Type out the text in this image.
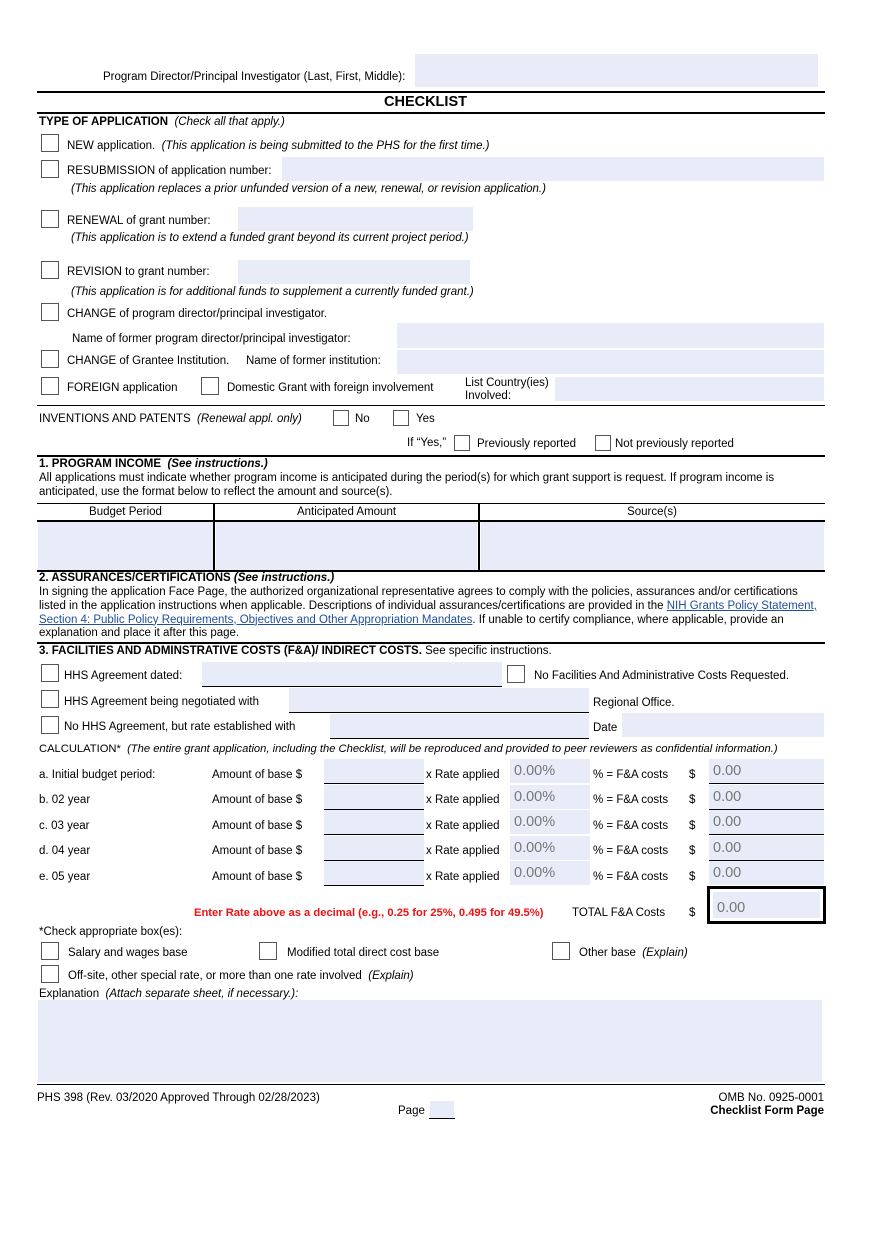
Program Director/Principal Investigator (Last, First, Middle):
CHECKLIST
TYPE OF APPLICATION (Check all that apply.)
NEW application. (This application is being submitted to the PHS for the first time.)
RESUBMISSION of application number:
(This application replaces a prior unfunded version of a new, renewal, or revision application.)
RENEWAL of grant number:
(This application is to extend a funded grant beyond its current project period.)
REVISION to grant number:
(This application is for additional funds to supplement a currently funded grant.)
CHANGE of program director/principal investigator.
Name of former program director/principal investigator:
CHANGE of Grantee Institution. Name of former institution:
FOREIGN application	Domestic Grant with foreign involvement	List Country(ies)
Involved:
INVENTIONS AND PATENTS (Renewal appl. only)	No	Yes
If “Yes,”	Previously reported	Not previously reported
1. PROGRAM INCOME (See instructions.)
All applications must indicate whether program income is anticipated during the period(s) for which grant support is request. If program income is anticipated, use the format below to reflect the amount and source(s).
Budget Period	Anticipated Amount	Source(s)
2. ASSURANCES/CERTIFICATIONS (See instructions.)
In signing the application Face Page, the authorized organizational representative agrees to comply with the policies, assurances and/or certifications listed in the application instructions when applicable. Descriptions of individual assurances/certifications are provided in the NIH Grants Policy Statement, Section 4: Public Policy Requirements, Objectives and Other Appropriation Mandates. If unable to certify compliance, where applicable, provide an explanation and place it after this page.
3. FACILITIES AND ADMINSTRATIVE COSTS (F&A)/ INDIRECT COSTS. See specific instructions.
HHS Agreement dated:	No Facilities And Administrative Costs Requested.
HHS Agreement being negotiated with	Regional Office.
No HHS Agreement, but rate established with	Date
CALCULATION* (The entire grant application, including the Checklist, will be reproduced and provided to peer reviewers as confidential information.)
a. Initial budget period:	Amount of base $	x Rate applied 0.00%	% = F&A costs $ 0.00
b. 02 year	Amount of base $	x Rate applied 0.00%	% = F&A costs $ 0.00
c. 03 year	Amount of base $	x Rate applied 0.00%	% = F&A costs $ 0.00
d. 04 year	Amount of base $	x Rate applied 0.00%	% = F&A costs $ 0.00
e. 05 year	Amount of base $	x Rate applied 0.00%	% = F&A costs $ 0.00
Enter Rate above as a decimal (e.g., 0.25 for 25%, 0.495 for 49.5%) TOTAL F&A Costs $ 0.00
*Check appropriate box(es):
Salary and wages base	Modified total direct cost base	Other base (Explain)
Off-site, other special rate, or more than one rate involved (Explain)
Explanation (Attach separate sheet, if necessary.):
PHS 398 (Rev. 03/2020 Approved Through 02/28/2023)
Page
OMB No. 0925-0001
Checklist Form Page
